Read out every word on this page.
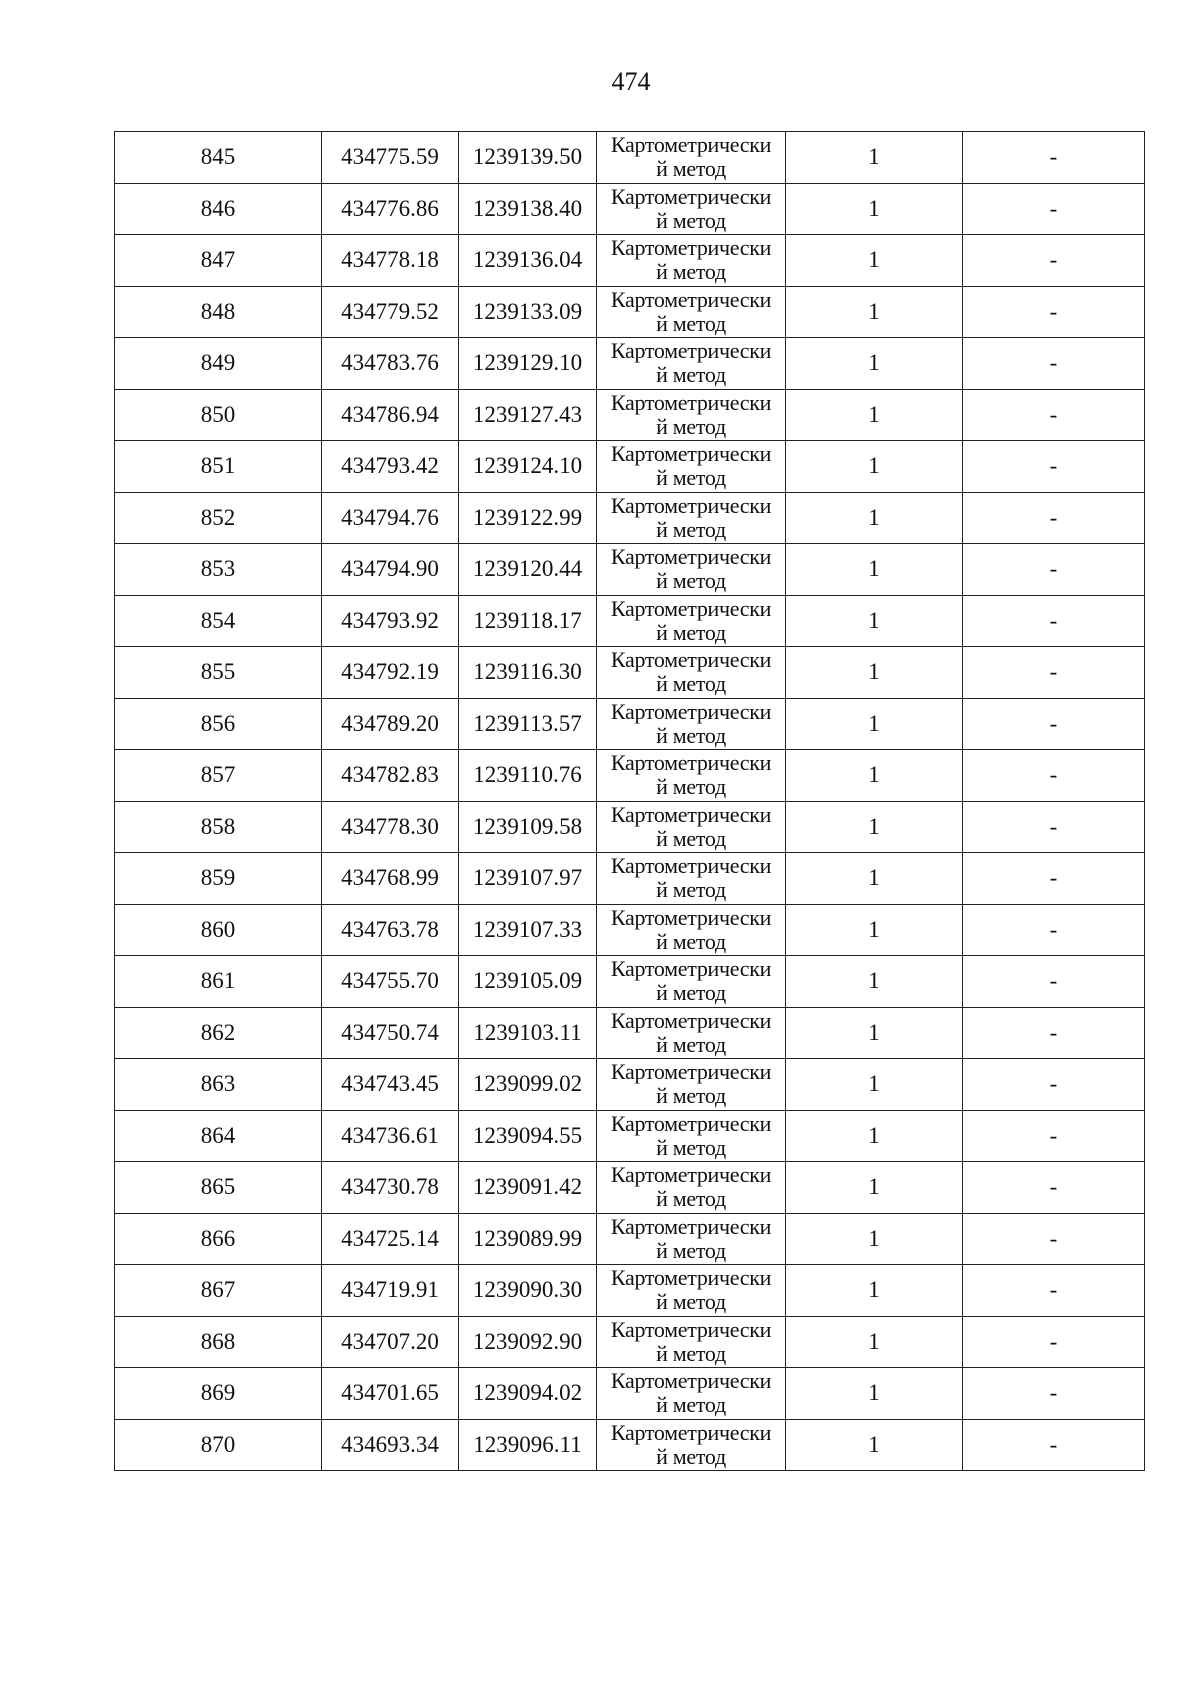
474
845	434775.59	1239139.50	Картометрически
й метод	1	-
846	434776.86	1239138.40	Картометрически
й метод	1	-
847	434778.18	1239136.04	Картометрически
й метод	1	-
848	434779.52	1239133.09	Картометрически
й метод	1	-
849	434783.76	1239129.10	Картометрически
й метод	1	-
850	434786.94	1239127.43	Картометрически
й метод	1	-
851	434793.42	1239124.10	Картометрически
й метод	1	-
852	434794.76	1239122.99	Картометрически
й метод	1	-
853	434794.90	1239120.44	Картометрически
й метод	1	-
854	434793.92	1239118.17	Картометрически
й метод	1	-
855	434792.19	1239116.30	Картометрически
й метод	1	-
856	434789.20	1239113.57	Картометрически
й метод	1	-
857	434782.83	1239110.76	Картометрически
й метод	1	-
858	434778.30	1239109.58	Картометрически
й метод	1	-
859	434768.99	1239107.97	Картометрически
й метод	1	-
860	434763.78	1239107.33	Картометрически
й метод	1	-
861	434755.70	1239105.09	Картометрически
й метод	1	-
862	434750.74	1239103.11	Картометрически
й метод	1	-
863	434743.45	1239099.02	Картометрически
й метод	1	-
864	434736.61	1239094.55	Картометрически
й метод	1	-
865	434730.78	1239091.42	Картометрически
й метод	1	-
866	434725.14	1239089.99	Картометрически
й метод	1	-
867	434719.91	1239090.30	Картометрически
й метод	1	-
868	434707.20	1239092.90	Картометрически
й метод	1	-
869	434701.65	1239094.02	Картометрически
й метод	1	-
870	434693.34	1239096.11	Картометрически
й метод	1	-
